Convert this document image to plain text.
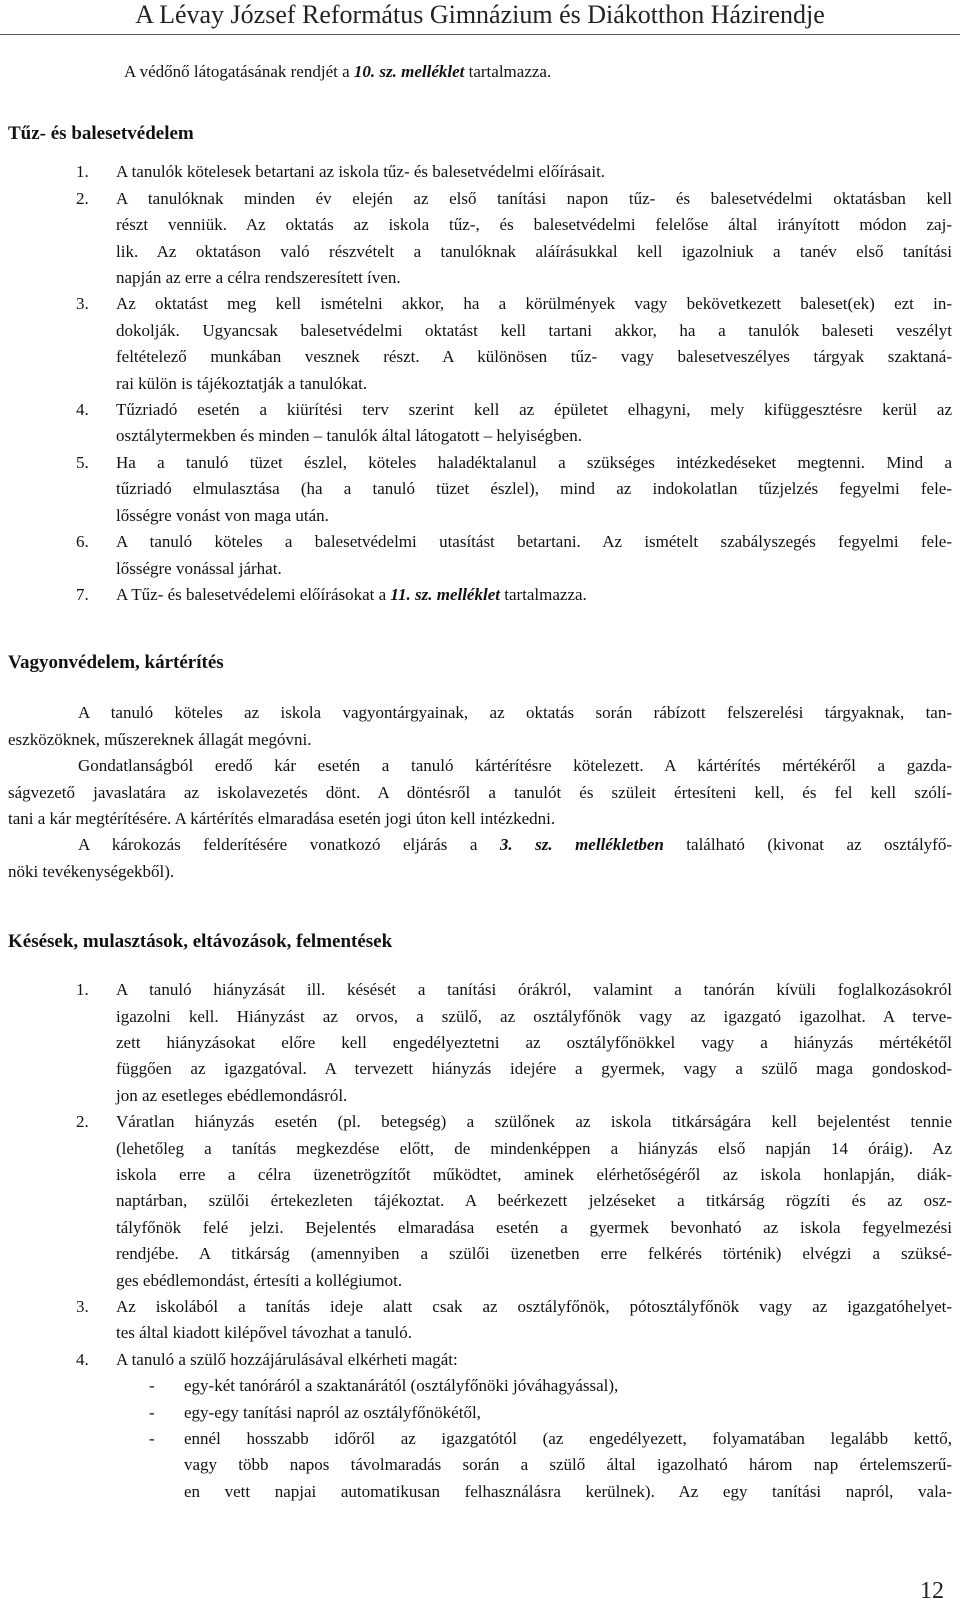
A Lévay József Református Gimnázium és Diákotthon Házirendje
A védőnő látogatásának rendjét a 10. sz. melléklet tartalmazza.
Tűz- és balesetvédelem
1. A tanulók kötelesek betartani az iskola tűz- és balesetvédelmi előírásait.
2. A tanulóknak minden év elején az első tanítási napon tűz- és balesetvédelmi oktatásban kell
részt venniük. Az oktatás az iskola tűz-, és balesetvédelmi felelőse által irányított módon zaj-
lik. Az oktatáson való részvételt a tanulóknak aláírásukkal kell igazolniuk a tanév első tanítási
napján az erre a célra rendszeresített íven.
3. Az oktatást meg kell ismételni akkor, ha a körülmények vagy bekövetkezett baleset(ek) ezt in-
dokolják. Ugyancsak balesetvédelmi oktatást kell tartani akkor, ha a tanulók baleseti veszélyt
feltételező munkában vesznek részt. A különösen tűz- vagy balesetveszélyes tárgyak szaktaná-
rai külön is tájékoztatják a tanulókat.
4. Tűzriadó esetén a kiürítési terv szerint kell az épületet elhagyni, mely kifüggesztésre kerül az
osztálytermekben és minden – tanulók által látogatott – helyiségben.
5. Ha a tanuló tüzet észlel, köteles haladéktalanul a szükséges intézkedéseket megtenni. Mind a
tűzriadó elmulasztása (ha a tanuló tüzet észlel), mind az indokolatlan tűzjelzés fegyelmi fele-
lősségre vonást von maga után.
6. A tanuló köteles a balesetvédelmi utasítást betartani. Az ismételt szabályszegés fegyelmi fele-
lősségre vonással járhat.
7. A Tűz- és balesetvédelemi előírásokat a 11. sz. melléklet tartalmazza.
Vagyonvédelem, kártérítés
A tanuló köteles az iskola vagyontárgyainak, az oktatás során rábízott felszerelési tárgyaknak, tan-
eszközöknek, műszereknek állagát megóvni.
Gondatlanságból eredő kár esetén a tanuló kártérítésre kötelezett. A kártérítés mértékéről a gazda-
ságvezető javaslatára az iskolavezetés dönt. A döntésről a tanulót és szüleit értesíteni kell, és fel kell szólí-
tani a kár megtérítésére. A kártérítés elmaradása esetén jogi úton kell intézkedni.
A károkozás felderítésére vonatkozó eljárás a 3. sz. mellékletben található (kivonat az osztályfő-
nöki tevékenységekből).
Késések, mulasztások, eltávozások, felmentések
1. A tanuló hiányzását ill. késését a tanítási órákról, valamint a tanórán kívüli foglalkozásokról
igazolni kell. Hiányzást az orvos, a szülő, az osztályfőnök vagy az igazgató igazolhat. A terve-
zett hiányzásokat előre kell engedélyeztetni az osztályfőnökkel vagy a hiányzás mértékétől
függően az igazgatóval. A tervezett hiányzás idejére a gyermek, vagy a szülő maga gondoskod-
jon az esetleges ebédlemondásról.
2. Váratlan hiányzás esetén (pl. betegség) a szülőnek az iskola titkárságára kell bejelentést tennie
(lehetőleg a tanítás megkezdése előtt, de mindenképpen a hiányzás első napján 14 óráig). Az
iskola erre a célra üzenetrögzítőt működtet, aminek elérhetőségéről az iskola honlapján, diák-
naptárban, szülői értekezleten tájékoztat. A beérkezett jelzéseket a titkárság rögzíti és az osz-
tályfőnök felé jelzi. Bejelentés elmaradása esetén a gyermek bevonható az iskola fegyelmezési
rendjébe. A titkárság (amennyiben a szülői üzenetben erre felkérés történik) elvégzi a szüksé-
ges ebédlemondást, értesíti a kollégiumot.
3. Az iskolából a tanítás ideje alatt csak az osztályfőnök, pótosztályfőnök vagy az igazgatóhelyet-
tes által kiadott kilépővel távozhat a tanuló.
4. A tanuló a szülő hozzájárulásával elkérheti magát:
- egy-két tanóráról a szaktanárától (osztályfőnöki jóváhagyással),
- egy-egy tanítási napról az osztályfőnökétől,
- ennél hosszabb időről az igazgatótól (az engedélyezett, folyamatában legalább kettő,
vagy több napos távolmaradás során a szülő által igazolható három nap értelemszerű-
en vett napjai automatikusan felhasználásra kerülnek). Az egy tanítási napról, vala-
12
